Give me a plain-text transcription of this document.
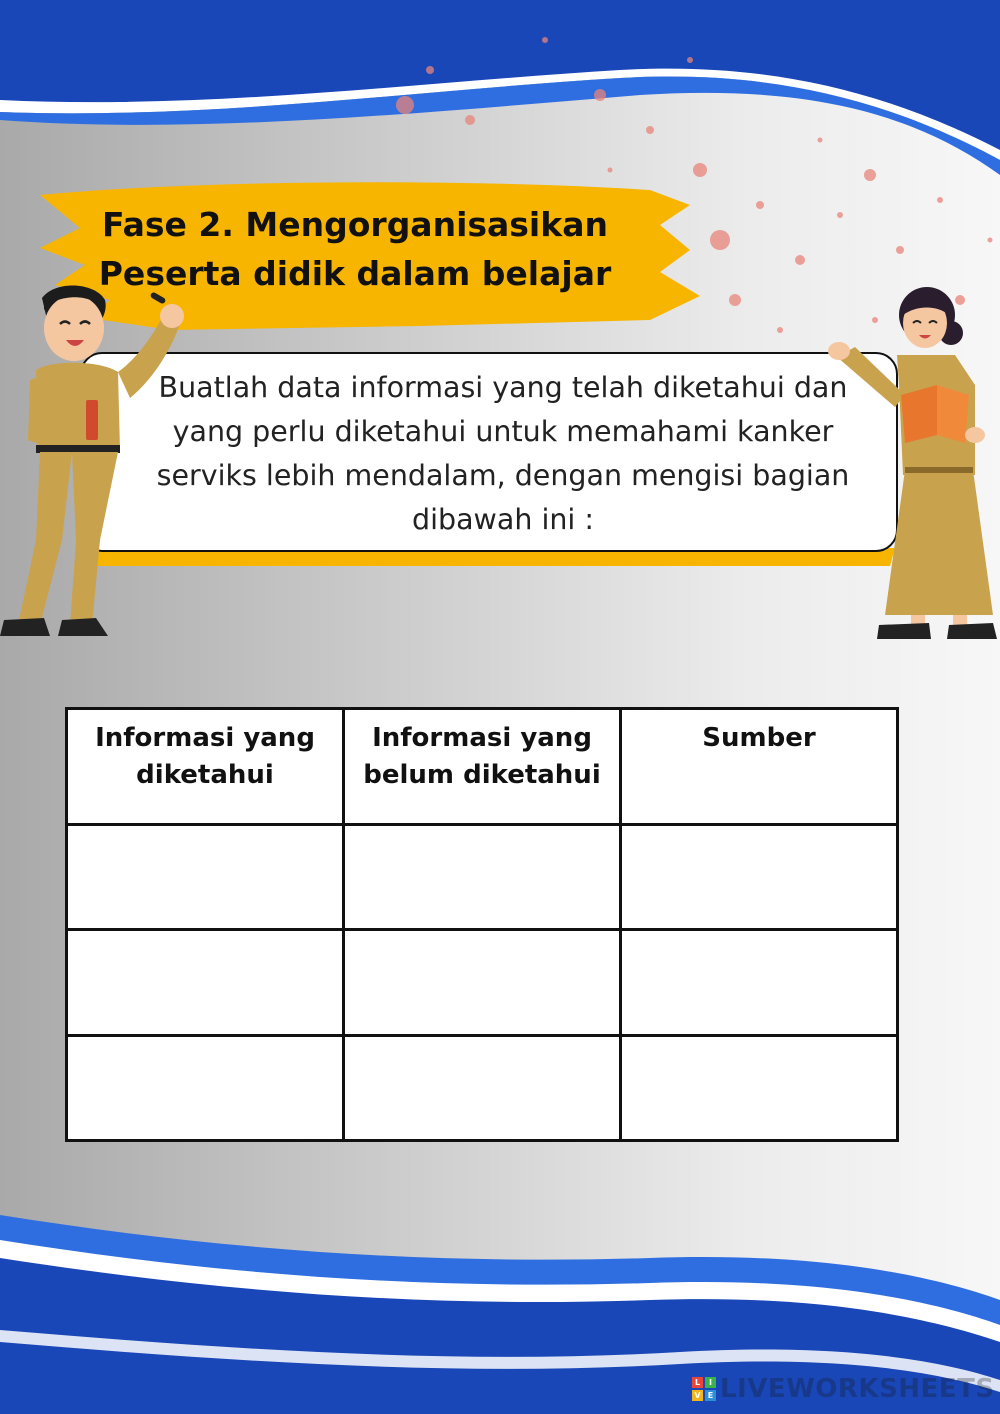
Fase 2. Mengorganisasikan
Peserta didik dalam belajar
Buatlah data informasi yang telah diketahui dan yang perlu diketahui untuk memahami kanker serviks lebih mendalam, dengan mengisi bagian dibawah ini :
Informasi yang diketahui	Informasi yang belum diketahui	Sumber

L	I
V E LIVEWORKSHEETS
